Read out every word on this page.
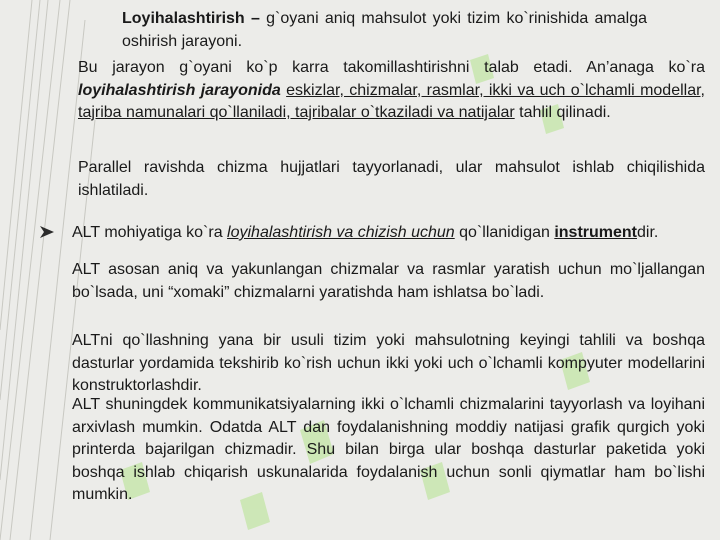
Loyihalashtirish – g`oyani aniq mahsulot yoki tizim ko`rinishida amalga oshirish jarayoni.

Bu jarayon g`oyani ko`p karra takomillashtirishni talab etadi. An’anaga ko`ra loyihalashtirish jarayonida eskizlar, chizmalar, rasmlar, ikki va uch o`lchamli modellar, tajriba namunalari qo`llaniladi, tajribalar o`tkaziladi va natijalar tahlil qilinadi.

Parallel ravishda chizma hujjatlari tayyorlanadi, ular mahsulot ishlab chiqilishida ishlatiladi.

ALT mohiyatiga ko`ra loyihalashtirish va chizish uchun qo`llanidigan instrumentdir.

ALT asosan aniq va yakunlangan chizmalar va rasmlar yaratish uchun mo`ljallangan bo`lsada, uni “xomaki” chizmalarni yaratishda ham ishlatsa bo`ladi.

ALTni qo`llashning yana bir usuli tizim yoki mahsulotning keyingi tahlili va boshqa dasturlar yordamida tekshirib ko`rish uchun ikki yoki uch o`lchamli kompyuter modellarini konstruktorlashdir.

ALT shuningdek kommunikatsiyalarning ikki o`lchamli chizmalarini tayyorlash va loyihani arxivlash mumkin. Odatda ALT dan foydalanishning moddiy natijasi grafik qurgich yoki printerda bajarilgan chizmadir. Shu bilan birga ular boshqa dasturlar paketida yoki boshqa ishlab chiqarish uskunalarida foydalanish uchun sonli qiymatlar ham bo`lishi mumkin.
